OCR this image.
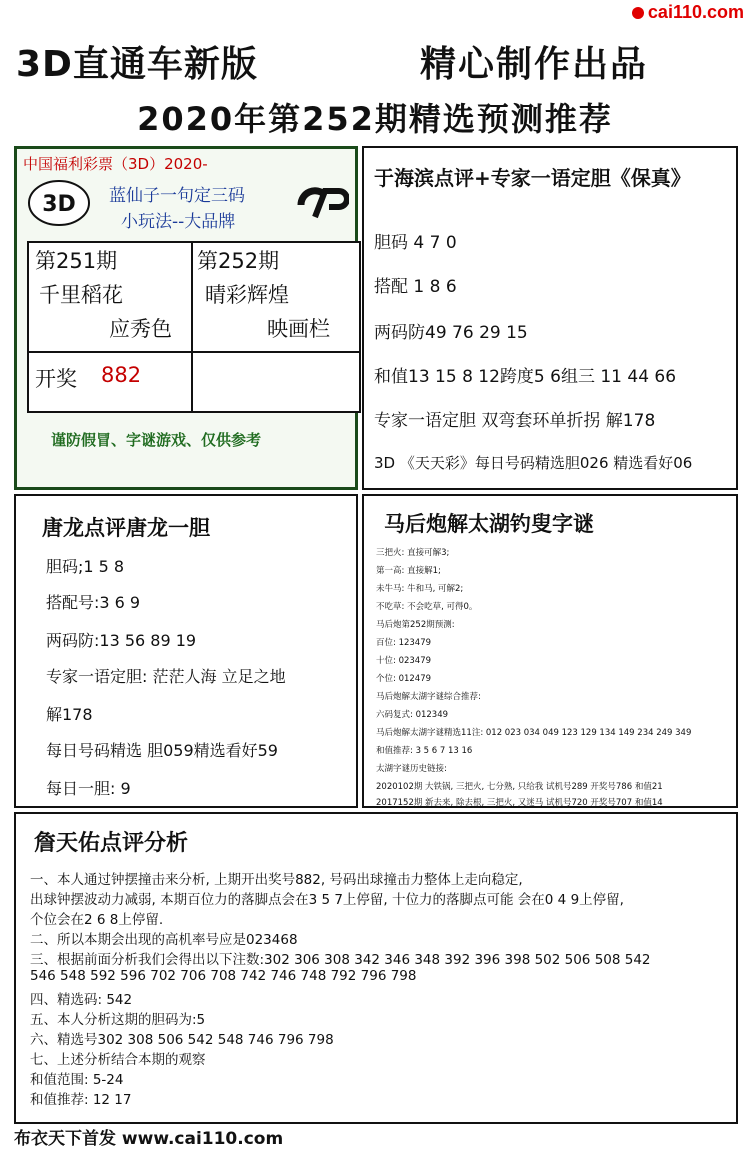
cai110.com
3D直通车新版	精心制作出品
2020年第252期精选预测推荐
中国福利彩票（3D）2020-
3D 蓝仙子一句定三码
小玩法--大品牌
第251期
千里稻花
应秀色
第252期
晴彩辉煌
映画栏
开奖 882
谨防假冒、字谜游戏、仅供参考
于海滨点评+专家一语定胆《保真》
胆码 4 7 0
搭配 1 8 6
两码防49 76 29 15
和值13 15 8 12跨度5 6组三 11 44 66
专家一语定胆 双弯套环单折拐 解178
3D 《天天彩》每日号码精选胆026 精选看好06
唐龙点评唐龙一胆
胆码;1 5 8
搭配号:3 6 9
两码防:13 56 89 19
专家一语定胆: 茫茫人海 立足之地
解178
每日号码精选 胆059精选看好59
每日一胆: 9
马后炮解太湖钓叟字谜
三把火: 直接可解3;
第一高: 直接解1;
未牛马: 牛和马, 可解2;
不吃草: 不会吃草, 可得0。
马后炮第252期预测:
百位: 123479
十位: 023479
个位: 012479
马后炮解太湖字谜综合推荐:
六码复式: 012349
马后炮解太湖字谜精选11注: 012 023 034 049 123 129 134 149 234 249 349
和值推荐: 3 5 6 7 13 16
太湖字谜历史链接:
2020102期 大铁锅, 三把火, 七分熟, 只给我 试机号289 开奖号786 和值21
2017152期 新去来, 除去根, 三把火, 又迷马 试机号720 开奖号707 和值14
詹天佑点评分析
一、本人通过钟摆撞击来分析, 上期开出奖号882, 号码出球撞击力整体上走向稳定,
出球钟摆波动力减弱, 本期百位力的落脚点会在3 5 7上停留, 十位力的落脚点可能 会在0 4 9上停留,
个位会在2 6 8上停留.
二、所以本期会出现的高机率号应是023468
三、根据前面分析我们会得出以下注数:302 306 308 342 346 348 392 396 398 502 506 508 542
546 548 592 596 702 706 708 742 746 748 792 796 798
四、精选码: 542
五、本人分析这期的胆码为:5
六、精选号302 308 506 542 548 746 796 798
七、上述分析结合本期的观察
和值范围: 5-24
和值推荐: 12 17
布衣天下首发 www.cai110.com
